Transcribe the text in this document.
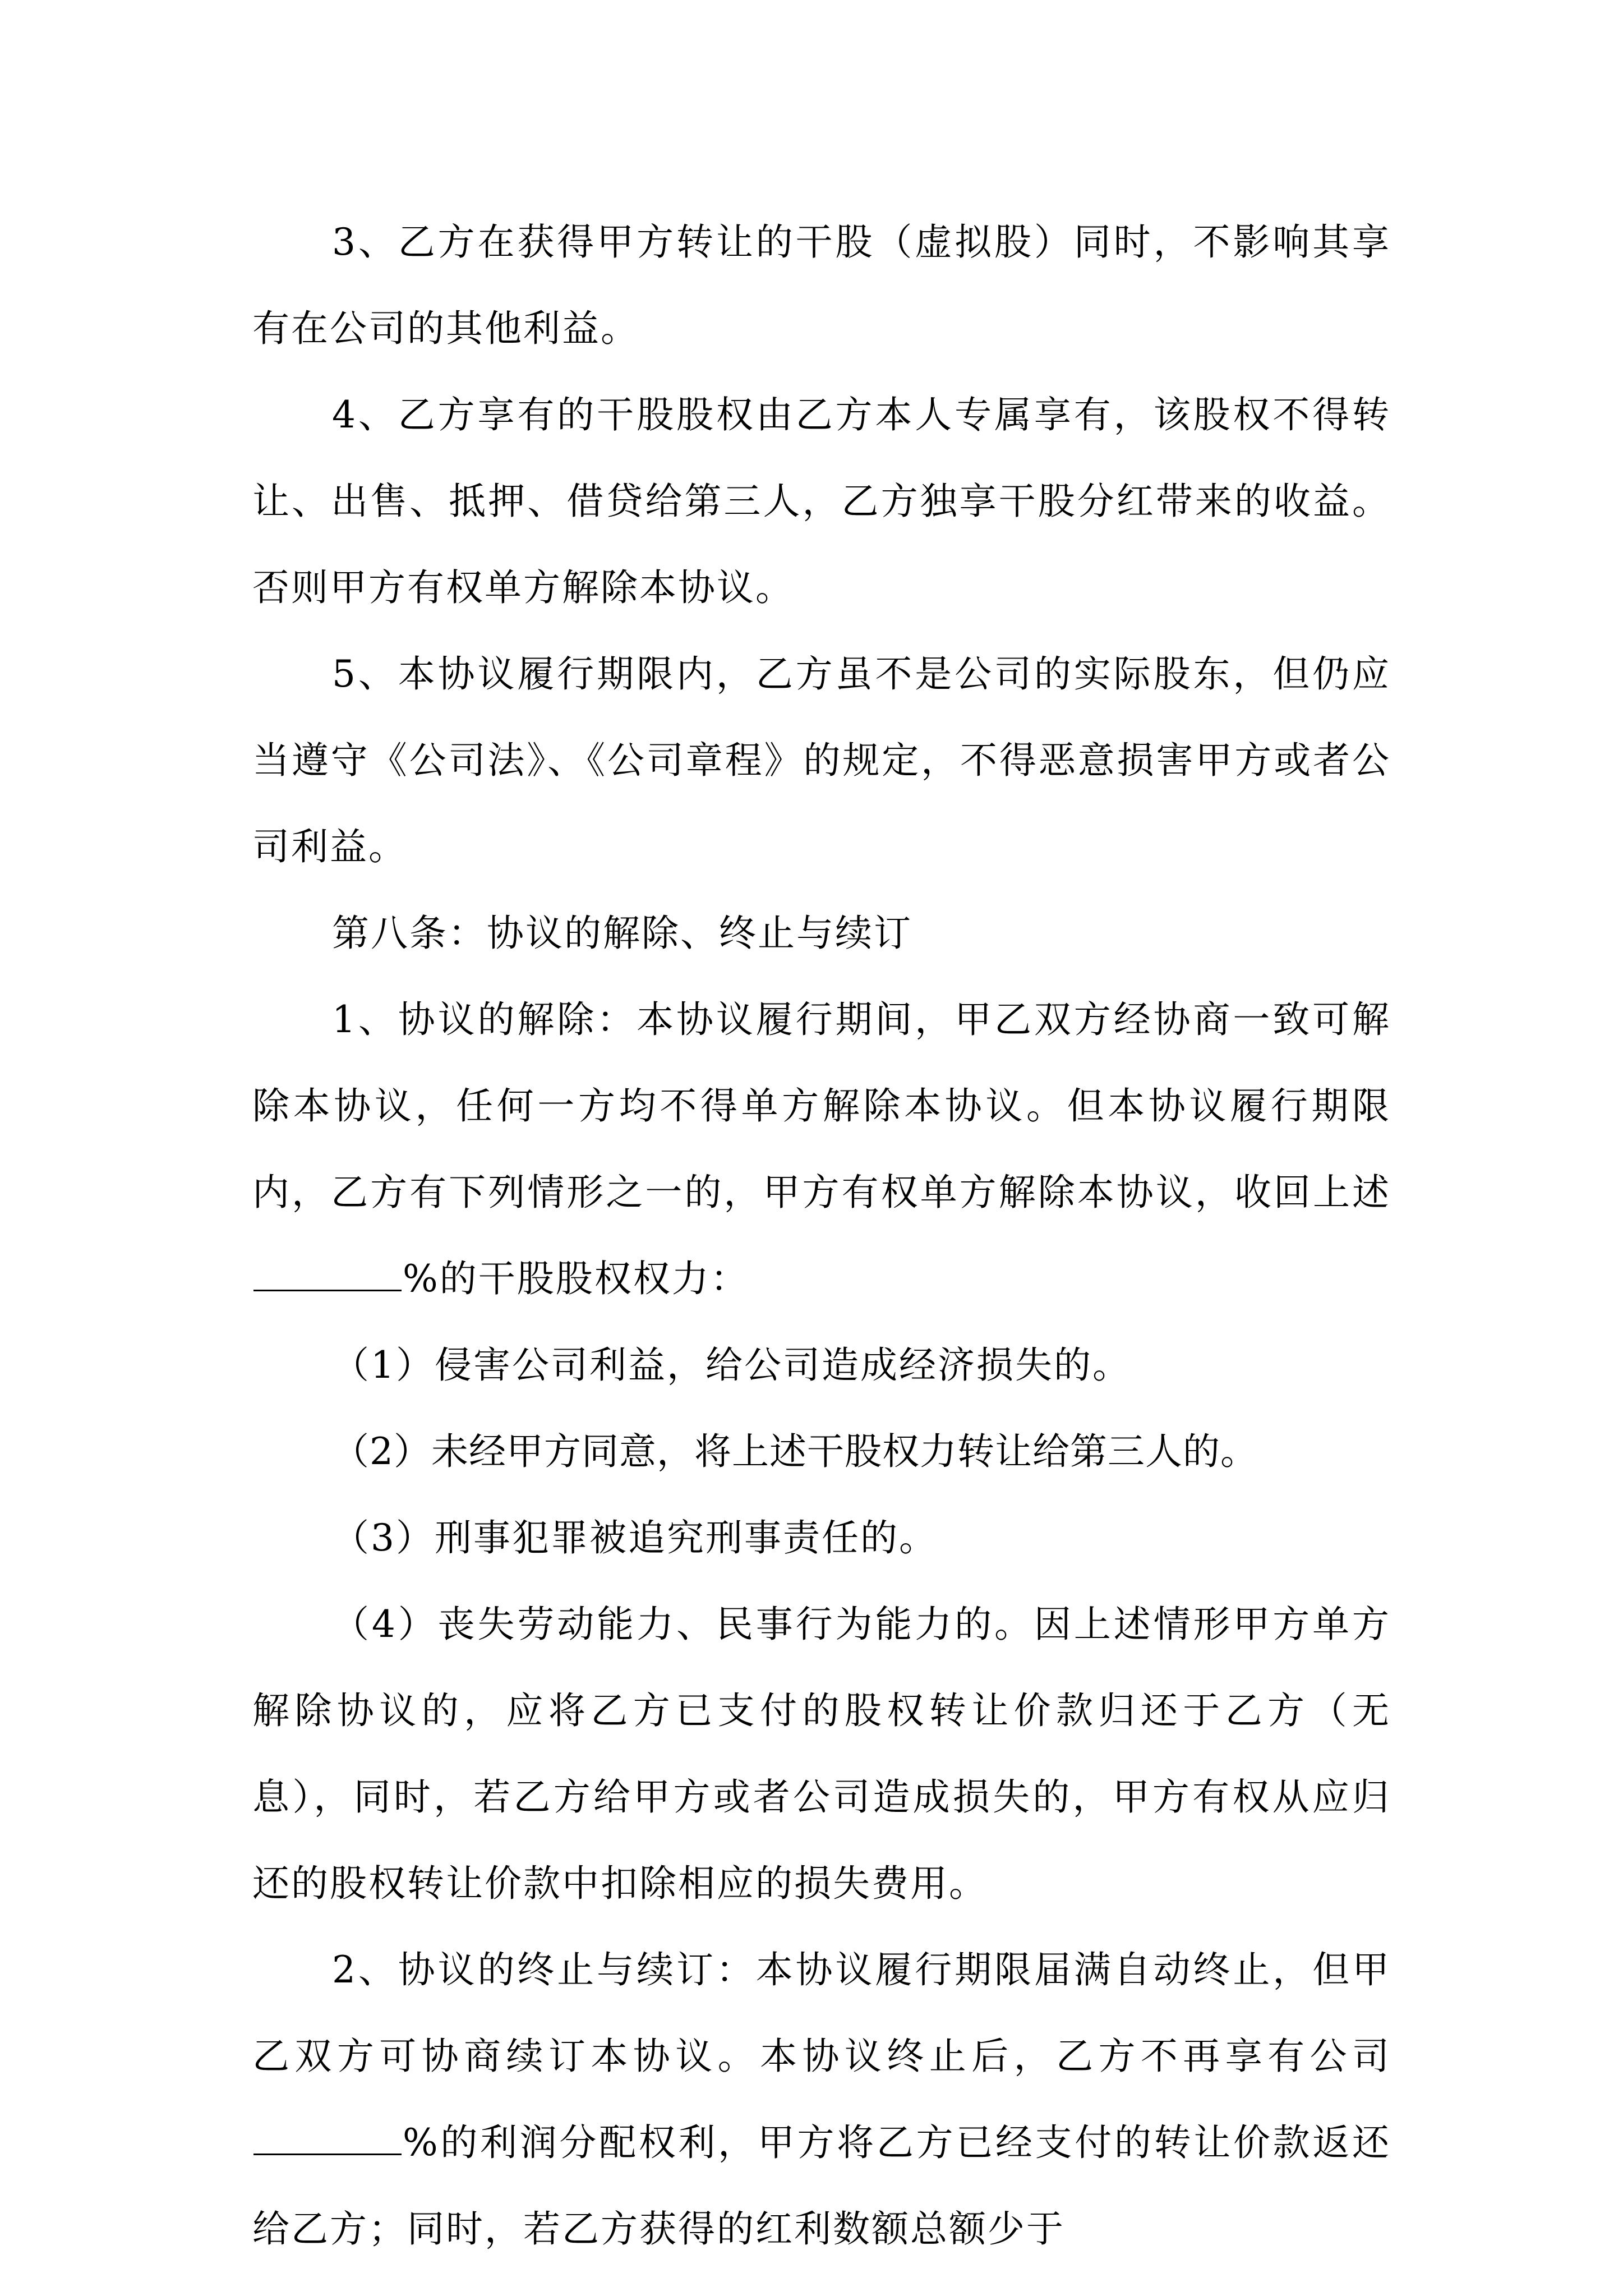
3、乙方在获得甲方转让的干股（虚拟股）同时，不影响其享有在公司的其他利益。

4、乙方享有的干股股权由乙方本人专属享有，该股权不得转让、出售、抵押、借贷给第三人，乙方独享干股分红带来的收益。否则甲方有权单方解除本协议。

5、本协议履行期限内，乙方虽不是公司的实际股东，但仍应当遵守《公司法》、《公司章程》的规定，不得恶意损害甲方或者公司利益。

第八条：协议的解除、终止与续订

1、协议的解除：本协议履行期间，甲乙双方经协商一致可解除本协议，任何一方均不得单方解除本协议。但本协议履行期限内，乙方有下列情形之一的，甲方有权单方解除本协议，收回上述%的干股股权权力：

（1）侵害公司利益，给公司造成经济损失的。

（2）未经甲方同意，将上述干股权力转让给第三人的。

（3）刑事犯罪被追究刑事责任的。

（4）丧失劳动能力、民事行为能力的。因上述情形甲方单方解除协议的，应将乙方已支付的股权转让价款归还于乙方（无息），同时，若乙方给甲方或者公司造成损失的，甲方有权从应归还的股权转让价款中扣除相应的损失费用。

2、协议的终止与续订：本协议履行期限届满自动终止，但甲乙双方可协商续订本协议。本协议终止后，乙方不再享有公司%的利润分配权利，甲方将乙方已经支付的转让价款返还给乙方；同时，若乙方获得的红利数额总额少于
